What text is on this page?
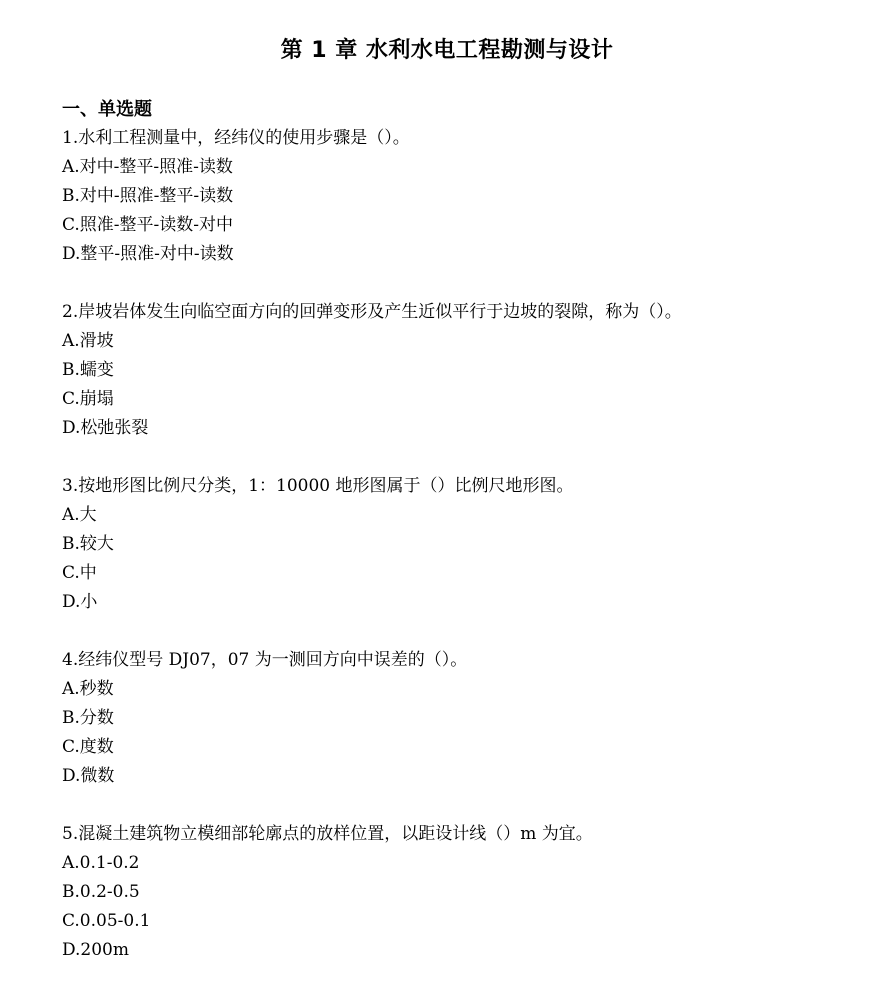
第 1 章 水利水电工程勘测与设计
一、单选题
1.水利工程测量中，经纬仪的使用步骤是（）。
A.对中-整平-照准-读数
B.对中-照准-整平-读数
C.照准-整平-读数-对中
D.整平-照准-对中-读数
2.岸坡岩体发生向临空面方向的回弹变形及产生近似平行于边坡的裂隙，称为（）。
A.滑坡
B.蠕变
C.崩塌
D.松弛张裂
3.按地形图比例尺分类，1：10000 地形图属于（）比例尺地形图。
A.大
B.较大
C.中
D.小
4.经纬仪型号 DJ07，07 为一测回方向中误差的（）。
A.秒数
B.分数
C.度数
D.微数
5.混凝土建筑物立模细部轮廓点的放样位置，以距设计线（）m 为宜。
A.0.1-0.2
B.0.2-0.5
C.0.05-0.1
D.200m
